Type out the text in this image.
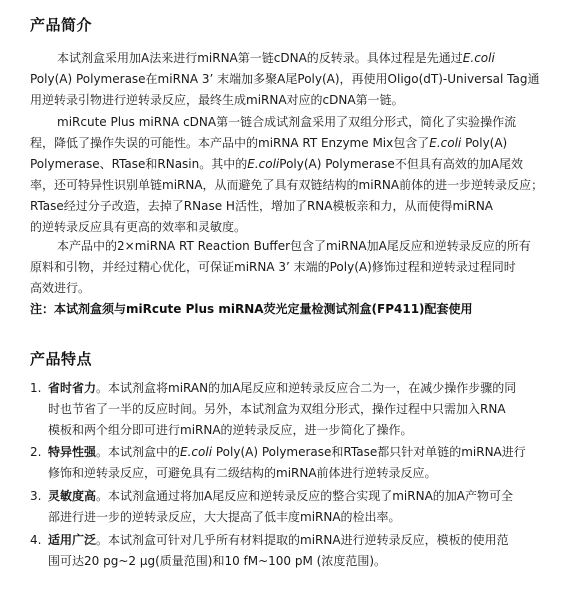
产品简介
本试剂盒采用加A法来进行miRNA第一链cDNA的反转录。具体过程是先通过E.coli
Poly(A) Polymerase在miRNA 3’ 末端加多聚A尾Poly(A)，再使用Oligo(dT)-Universal Tag通
用逆转录引物进行逆转录反应，最终生成miRNA对应的cDNA第一链。
miRcute Plus miRNA cDNA第一链合成试剂盒采用了双组分形式，简化了实验操作流
程，降低了操作失误的可能性。本产品中的miRNA RT Enzyme Mix包含了E.coli Poly(A)
Polymerase、RTase和RNasin。其中的E.coliPoly(A) Polymerase不但具有高效的加A尾效
率，还可特异性识别单链miRNA，从而避免了具有双链结构的miRNA前体的进一步逆转录反应；
RTase经过分子改造，去掉了RNase H活性，增加了RNA模板亲和力，从而使得miRNA
的逆转录反应具有更高的效率和灵敏度。
本产品中的2×miRNA RT Reaction Buffer包含了miRNA加A尾反应和逆转录反应的所有
原料和引物，并经过精心优化，可保证miRNA 3’ 末端的Poly(A)修饰过程和逆转录过程同时
高效进行。
注：本试剂盒须与miRcute Plus miRNA荧光定量检测试剂盒(FP411)配套使用
产品特点
1. 省时省力。本试剂盒将miRAN的加A尾反应和逆转录反应合二为一，在减少操作步骤的同
时也节省了一半的反应时间。另外，本试剂盒为双组分形式，操作过程中只需加入RNA
模板和两个组分即可进行miRNA的逆转录反应，进一步简化了操作。
2. 特异性强。本试剂盒中的E.coli Poly(A) Polymerase和RTase都只针对单链的miRNA进行
修饰和逆转录反应，可避免具有二级结构的miRNA前体进行逆转录反应。
3. 灵敏度高。本试剂盒通过将加A尾反应和逆转录反应的整合实现了miRNA的加A产物可全
部进行进一步的逆转录反应，大大提高了低丰度miRNA的检出率。
4. 适用广泛。本试剂盒可针对几乎所有材料提取的miRNA进行逆转录反应，模板的使用范
围可达20 pg~2 µg(质量范围)和10 fM~100 pM (浓度范围)。
